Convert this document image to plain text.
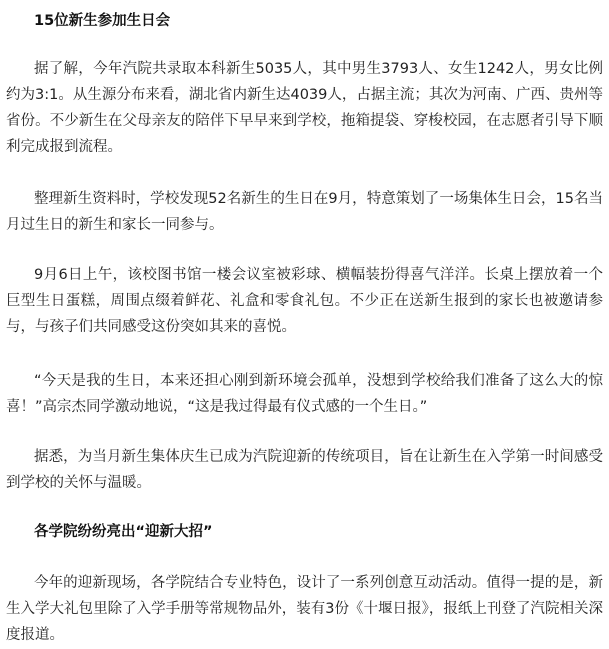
15位新生参加生日会

据了解，今年汽院共录取本科新生5035人，其中男生3793人、女生1242人，男女比例约为3:1。从生源分布来看，湖北省内新生达4039人，占据主流；其次为河南、广西、贵州等省份。不少新生在父母亲友的陪伴下早早来到学校，拖箱提袋、穿梭校园，在志愿者引导下顺利完成报到流程。

整理新生资料时，学校发现52名新生的生日在9月，特意策划了一场集体生日会，15名当月过生日的新生和家长一同参与。

9月6日上午，该校图书馆一楼会议室被彩球、横幅装扮得喜气洋洋。长桌上摆放着一个巨型生日蛋糕，周围点缀着鲜花、礼盒和零食礼包。不少正在送新生报到的家长也被邀请参与，与孩子们共同感受这份突如其来的喜悦。

“今天是我的生日，本来还担心刚到新环境会孤单，没想到学校给我们准备了这么大的惊喜！”高宗杰同学激动地说，“这是我过得最有仪式感的一个生日。”

据悉，为当月新生集体庆生已成为汽院迎新的传统项目，旨在让新生在入学第一时间感受到学校的关怀与温暖。

各学院纷纷亮出“迎新大招”

今年的迎新现场，各学院结合专业特色，设计了一系列创意互动活动。值得一提的是，新生入学大礼包里除了入学手册等常规物品外，装有3份《十堰日报》，报纸上刊登了汽院相关深度报道。
